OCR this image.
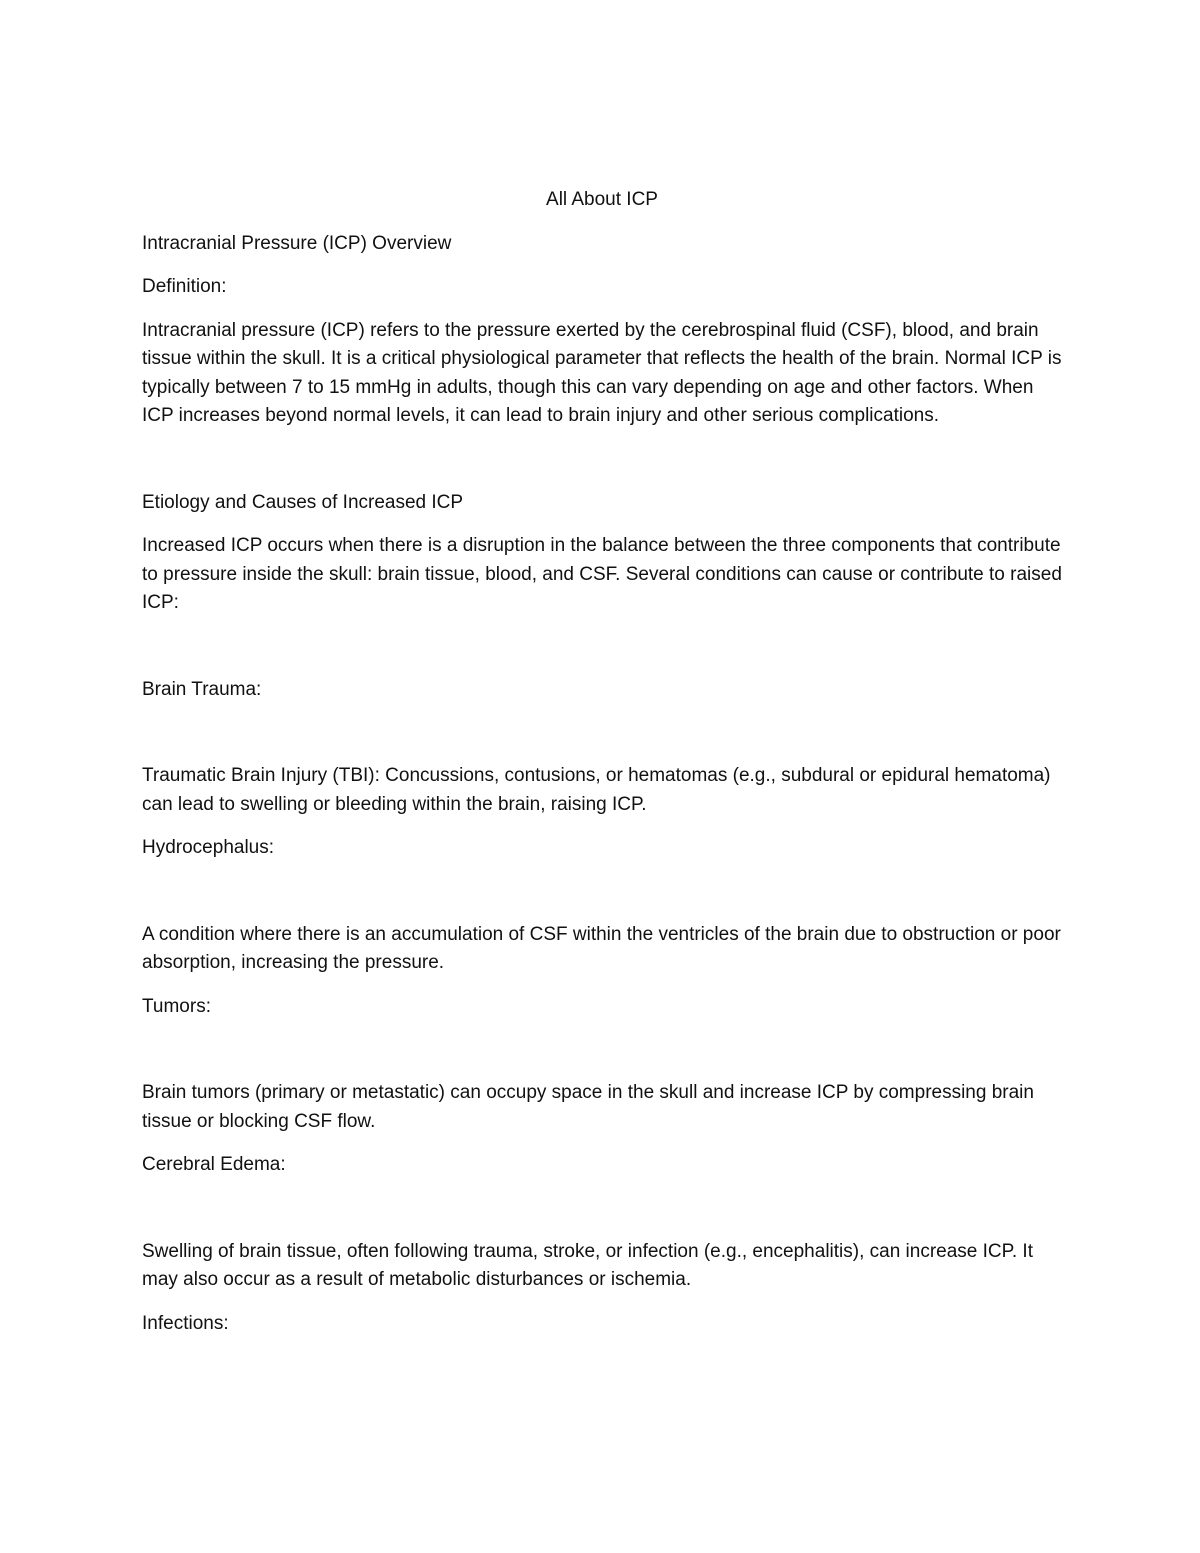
All About ICP

Intracranial Pressure (ICP) Overview

Definition:

Intracranial pressure (ICP) refers to the pressure exerted by the cerebrospinal fluid (CSF), blood, and brain tissue within the skull. It is a critical physiological parameter that reflects the health of the brain. Normal ICP is typically between 7 to 15 mmHg in adults, though this can vary depending on age and other factors. When ICP increases beyond normal levels, it can lead to brain injury and other serious complications.

Etiology and Causes of Increased ICP

Increased ICP occurs when there is a disruption in the balance between the three components that contribute to pressure inside the skull: brain tissue, blood, and CSF. Several conditions can cause or contribute to raised ICP:

Brain Trauma:

Traumatic Brain Injury (TBI): Concussions, contusions, or hematomas (e.g., subdural or epidural hematoma) can lead to swelling or bleeding within the brain, raising ICP.

Hydrocephalus:

A condition where there is an accumulation of CSF within the ventricles of the brain due to obstruction or poor absorption, increasing the pressure.

Tumors:

Brain tumors (primary or metastatic) can occupy space in the skull and increase ICP by compressing brain tissue or blocking CSF flow.

Cerebral Edema:

Swelling of brain tissue, often following trauma, stroke, or infection (e.g., encephalitis), can increase ICP. It may also occur as a result of metabolic disturbances or ischemia.

Infections:
